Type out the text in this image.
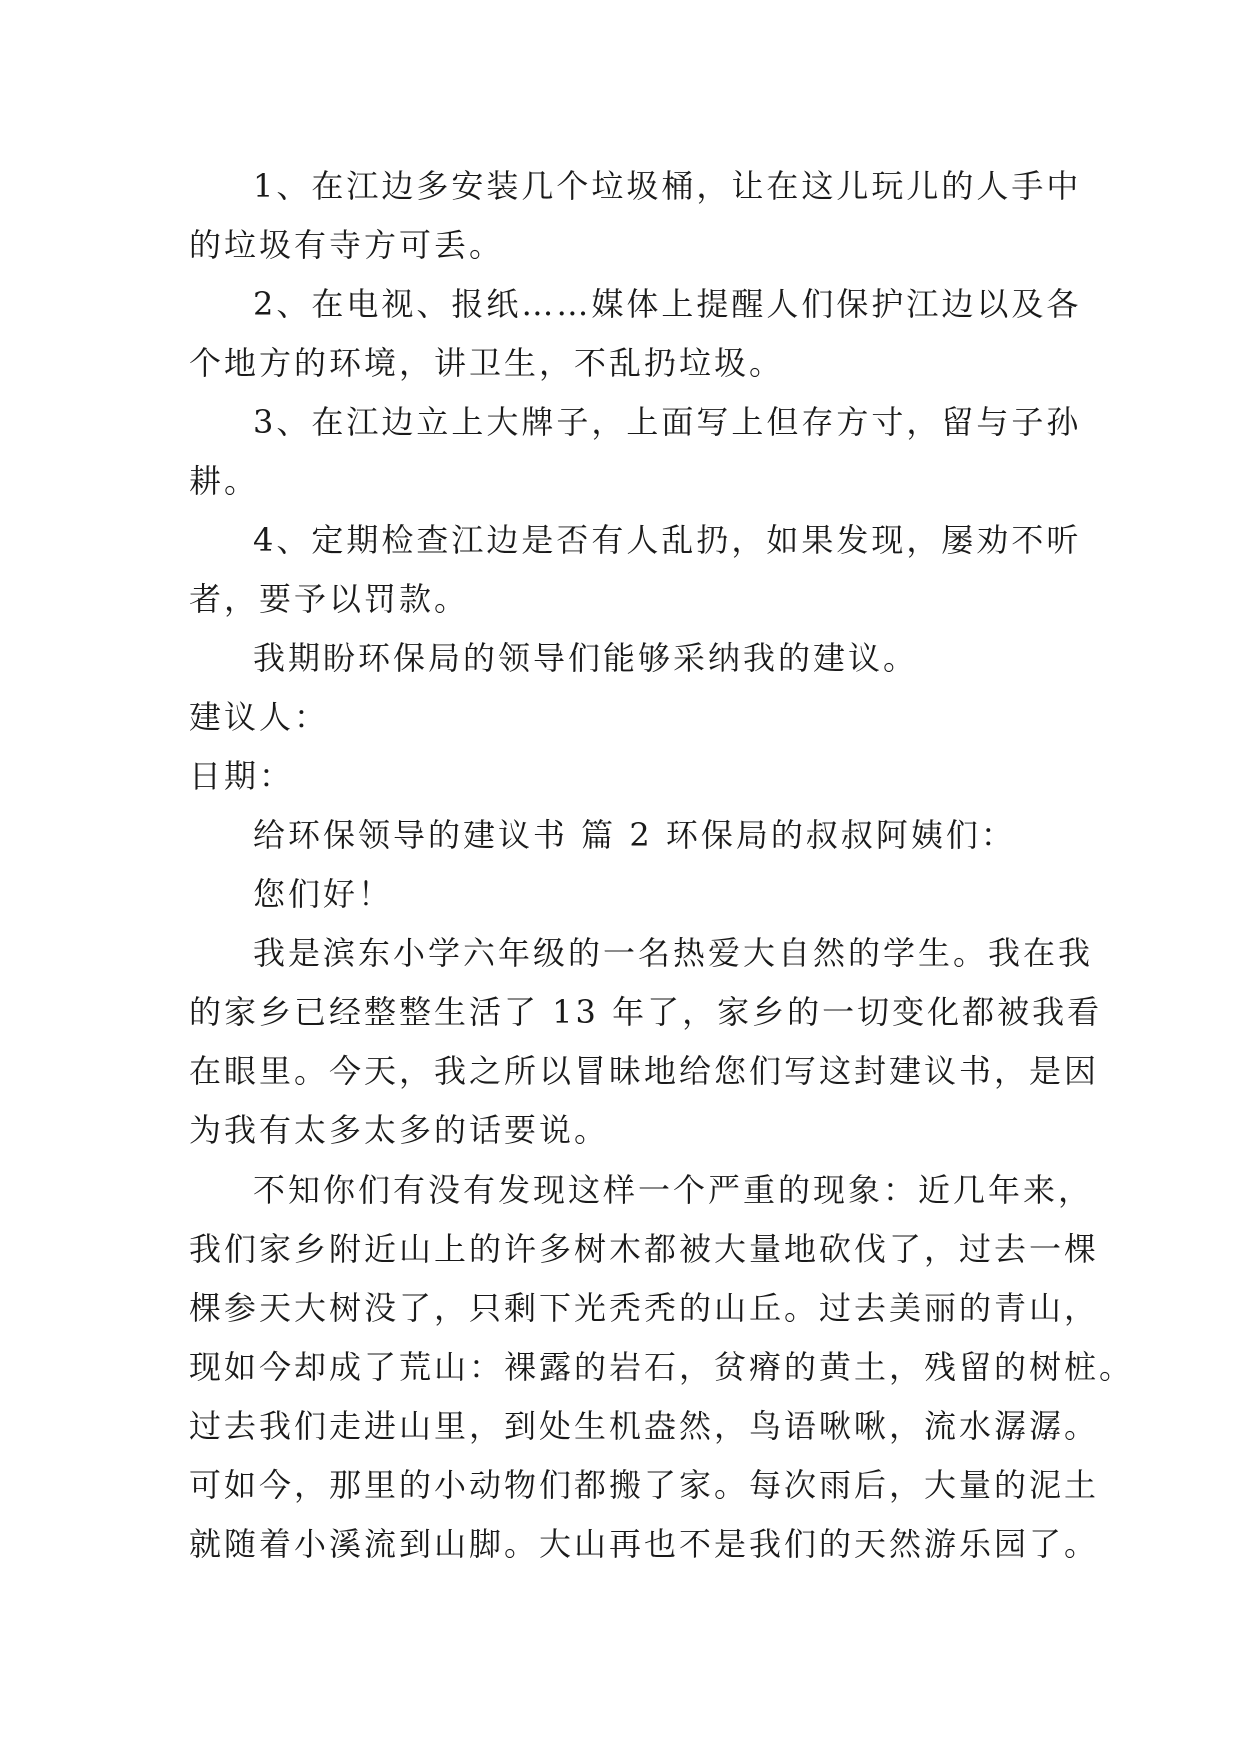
1、在江边多安装几个垃圾桶，让在这儿玩儿的人手中
的垃圾有寺方可丢。
2、在电视、报纸……媒体上提醒人们保护江边以及各
个地方的环境，讲卫生，不乱扔垃圾。
3、在江边立上大牌子，上面写上但存方寸，留与子孙
耕。
4、定期检查江边是否有人乱扔，如果发现，屡劝不听
者，要予以罚款。
我期盼环保局的领导们能够采纳我的建议。
建议人：
日期：
给环保领导的建议书 篇 2 环保局的叔叔阿姨们：
您们好！
我是滨东小学六年级的一名热爱大自然的学生。我在我
的家乡已经整整生活了 13 年了，家乡的一切变化都被我看
在眼里。今天，我之所以冒昧地给您们写这封建议书，是因
为我有太多太多的话要说。
不知你们有没有发现这样一个严重的现象：近几年来，
我们家乡附近山上的许多树木都被大量地砍伐了，过去一棵
棵参天大树没了，只剩下光秃秃的山丘。过去美丽的青山，
现如今却成了荒山：裸露的岩石，贫瘠的黄土，残留的树桩。
过去我们走进山里，到处生机盎然，鸟语啾啾，流水潺潺。
可如今，那里的小动物们都搬了家。每次雨后，大量的泥土
就随着小溪流到山脚。大山再也不是我们的天然游乐园了。
